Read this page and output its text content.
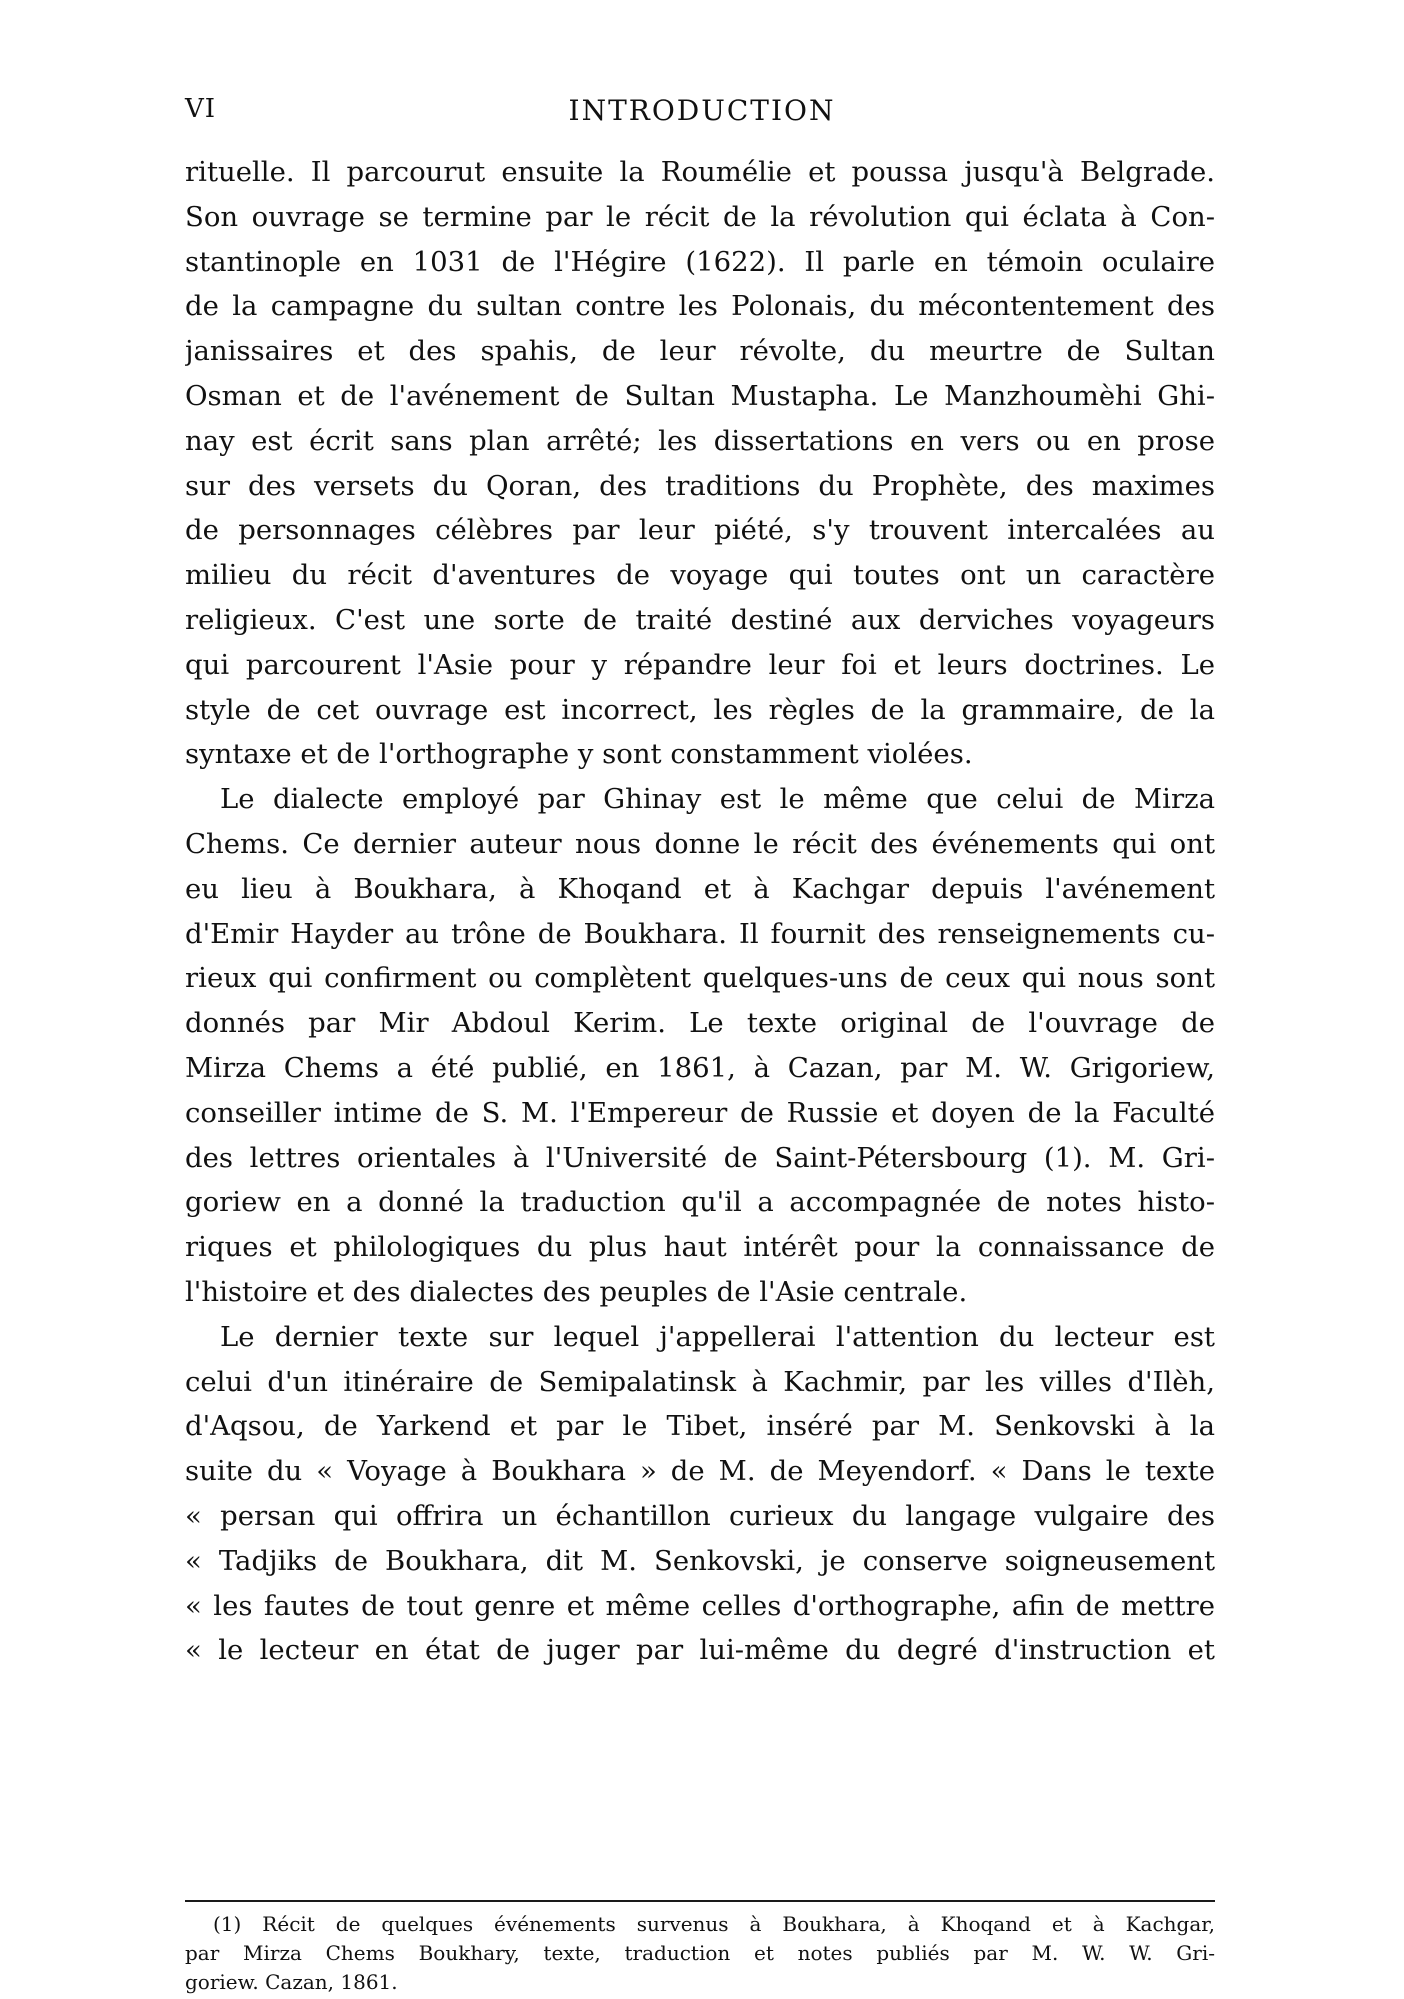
VI	INTRODUCTION
rituelle. Il parcourut ensuite la Roumélie et poussa jusqu'à Belgrade.
Son ouvrage se termine par le récit de la révolution qui éclata à Con-
stantinople en 1031 de l'Hégire (1622). Il parle en témoin oculaire
de la campagne du sultan contre les Polonais, du mécontentement des
janissaires et des spahis, de leur révolte, du meurtre de Sultan
Osman et de l'avénement de Sultan Mustapha. Le Manzhoumèhi Ghi-
nay est écrit sans plan arrêté; les dissertations en vers ou en prose
sur des versets du Qoran, des traditions du Prophète, des maximes
de personnages célèbres par leur piété, s'y trouvent intercalées au
milieu du récit d'aventures de voyage qui toutes ont un caractère
religieux. C'est une sorte de traité destiné aux derviches voyageurs
qui parcourent l'Asie pour y répandre leur foi et leurs doctrines. Le
style de cet ouvrage est incorrect, les règles de la grammaire, de la
syntaxe et de l'orthographe y sont constamment violées.
Le dialecte employé par Ghinay est le même que celui de Mirza
Chems. Ce dernier auteur nous donne le récit des événements qui ont
eu lieu à Boukhara, à Khoqand et à Kachgar depuis l'avénement
d'Emir Hayder au trône de Boukhara. Il fournit des renseignements cu-
rieux qui confirment ou complètent quelques-uns de ceux qui nous sont
donnés par Mir Abdoul Kerim. Le texte original de l'ouvrage de
Mirza Chems a été publié, en 1861, à Cazan, par M. W. Grigoriew,
conseiller intime de S. M. l'Empereur de Russie et doyen de la Faculté
des lettres orientales à l'Université de Saint-Pétersbourg (1). M. Gri-
goriew en a donné la traduction qu'il a accompagnée de notes histo-
riques et philologiques du plus haut intérêt pour la connaissance de
l'histoire et des dialectes des peuples de l'Asie centrale.
Le dernier texte sur lequel j'appellerai l'attention du lecteur est
celui d'un itinéraire de Semipalatinsk à Kachmir, par les villes d'Ilèh,
d'Aqsou, de Yarkend et par le Tibet, inséré par M. Senkovski à la
suite du « Voyage à Boukhara » de M. de Meyendorf. « Dans le texte
« persan qui offrira un échantillon curieux du langage vulgaire des
« Tadjiks de Boukhara, dit M. Senkovski, je conserve soigneusement
« les fautes de tout genre et même celles d'orthographe, afin de mettre
« le lecteur en état de juger par lui-même du degré d'instruction et
(1) Récit de quelques événements survenus à Boukhara, à Khoqand et à Kachgar,
par Mirza Chems Boukhary, texte, traduction et notes publiés par M. W. W. Gri-
goriew. Cazan, 1861.
